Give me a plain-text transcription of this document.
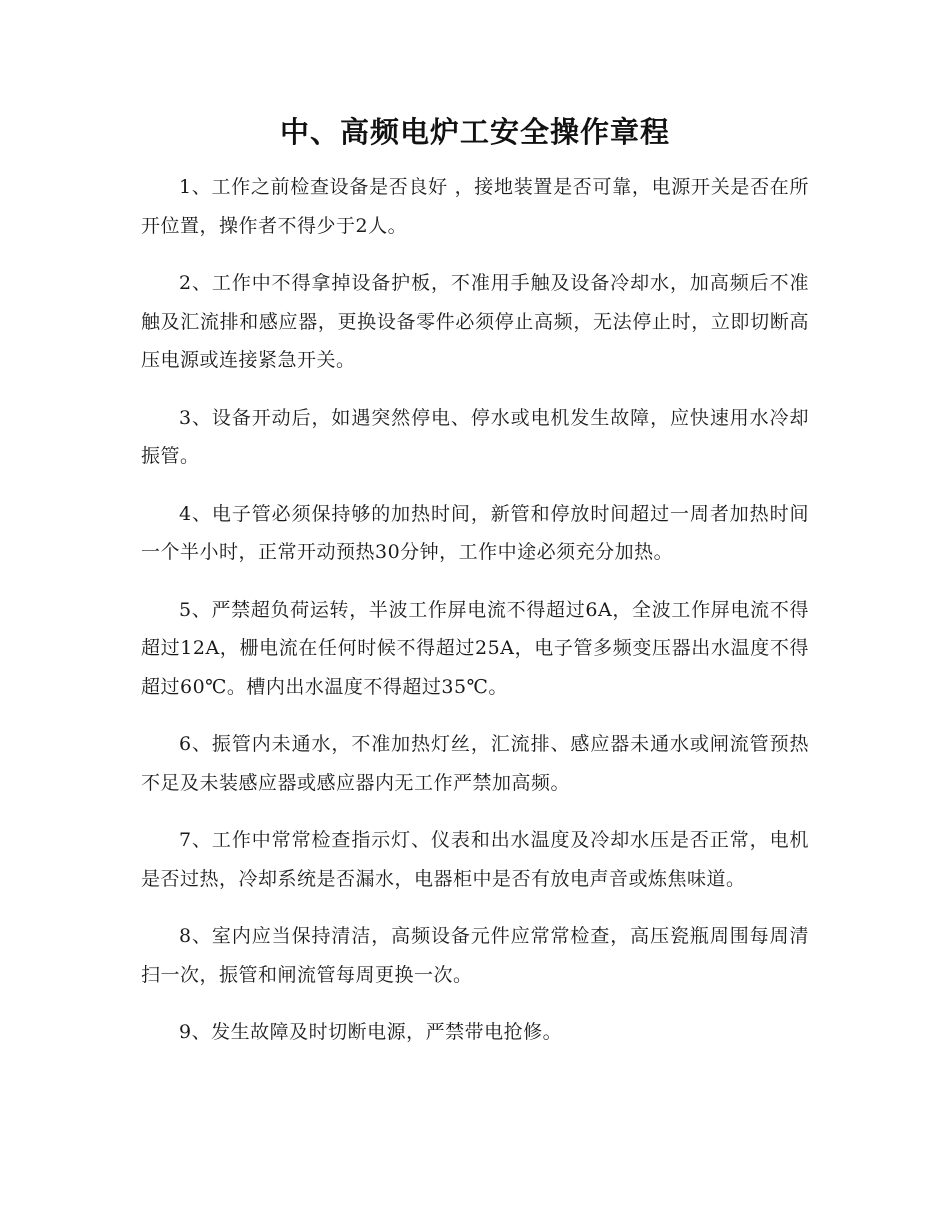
中、高频电炉工安全操作章程

1、工作之前检查设备是否良好 ，接地装置是否可靠，电源开关是否在所开位置，操作者不得少于2人。

2、工作中不得拿掉设备护板，不准用手触及设备冷却水，加高频后不准触及汇流排和感应器，更换设备零件必须停止高频，无法停止时，立即切断高压电源或连接紧急开关。

3、设备开动后，如遇突然停电、停水或电机发生故障，应快速用水冷却振管。

4、电子管必须保持够的加热时间，新管和停放时间超过一周者加热时间一个半小时，正常开动预热30分钟，工作中途必须充分加热。

5、严禁超负荷运转，半波工作屏电流不得超过6A，全波工作屏电流不得超过12A，栅电流在任何时候不得超过25A，电子管多频变压器出水温度不得超过60℃。槽内出水温度不得超过35℃。

6、振管内未通水，不准加热灯丝，汇流排、感应器未通水或闸流管预热不足及未装感应器或感应器内无工作严禁加高频。

7、工作中常常检查指示灯、仪表和出水温度及冷却水压是否正常，电机是否过热，冷却系统是否漏水，电器柜中是否有放电声音或炼焦味道。

8、室内应当保持清洁，高频设备元件应常常检查，高压瓷瓶周围每周清扫一次，振管和闸流管每周更换一次。

9、发生故障及时切断电源，严禁带电抢修。
